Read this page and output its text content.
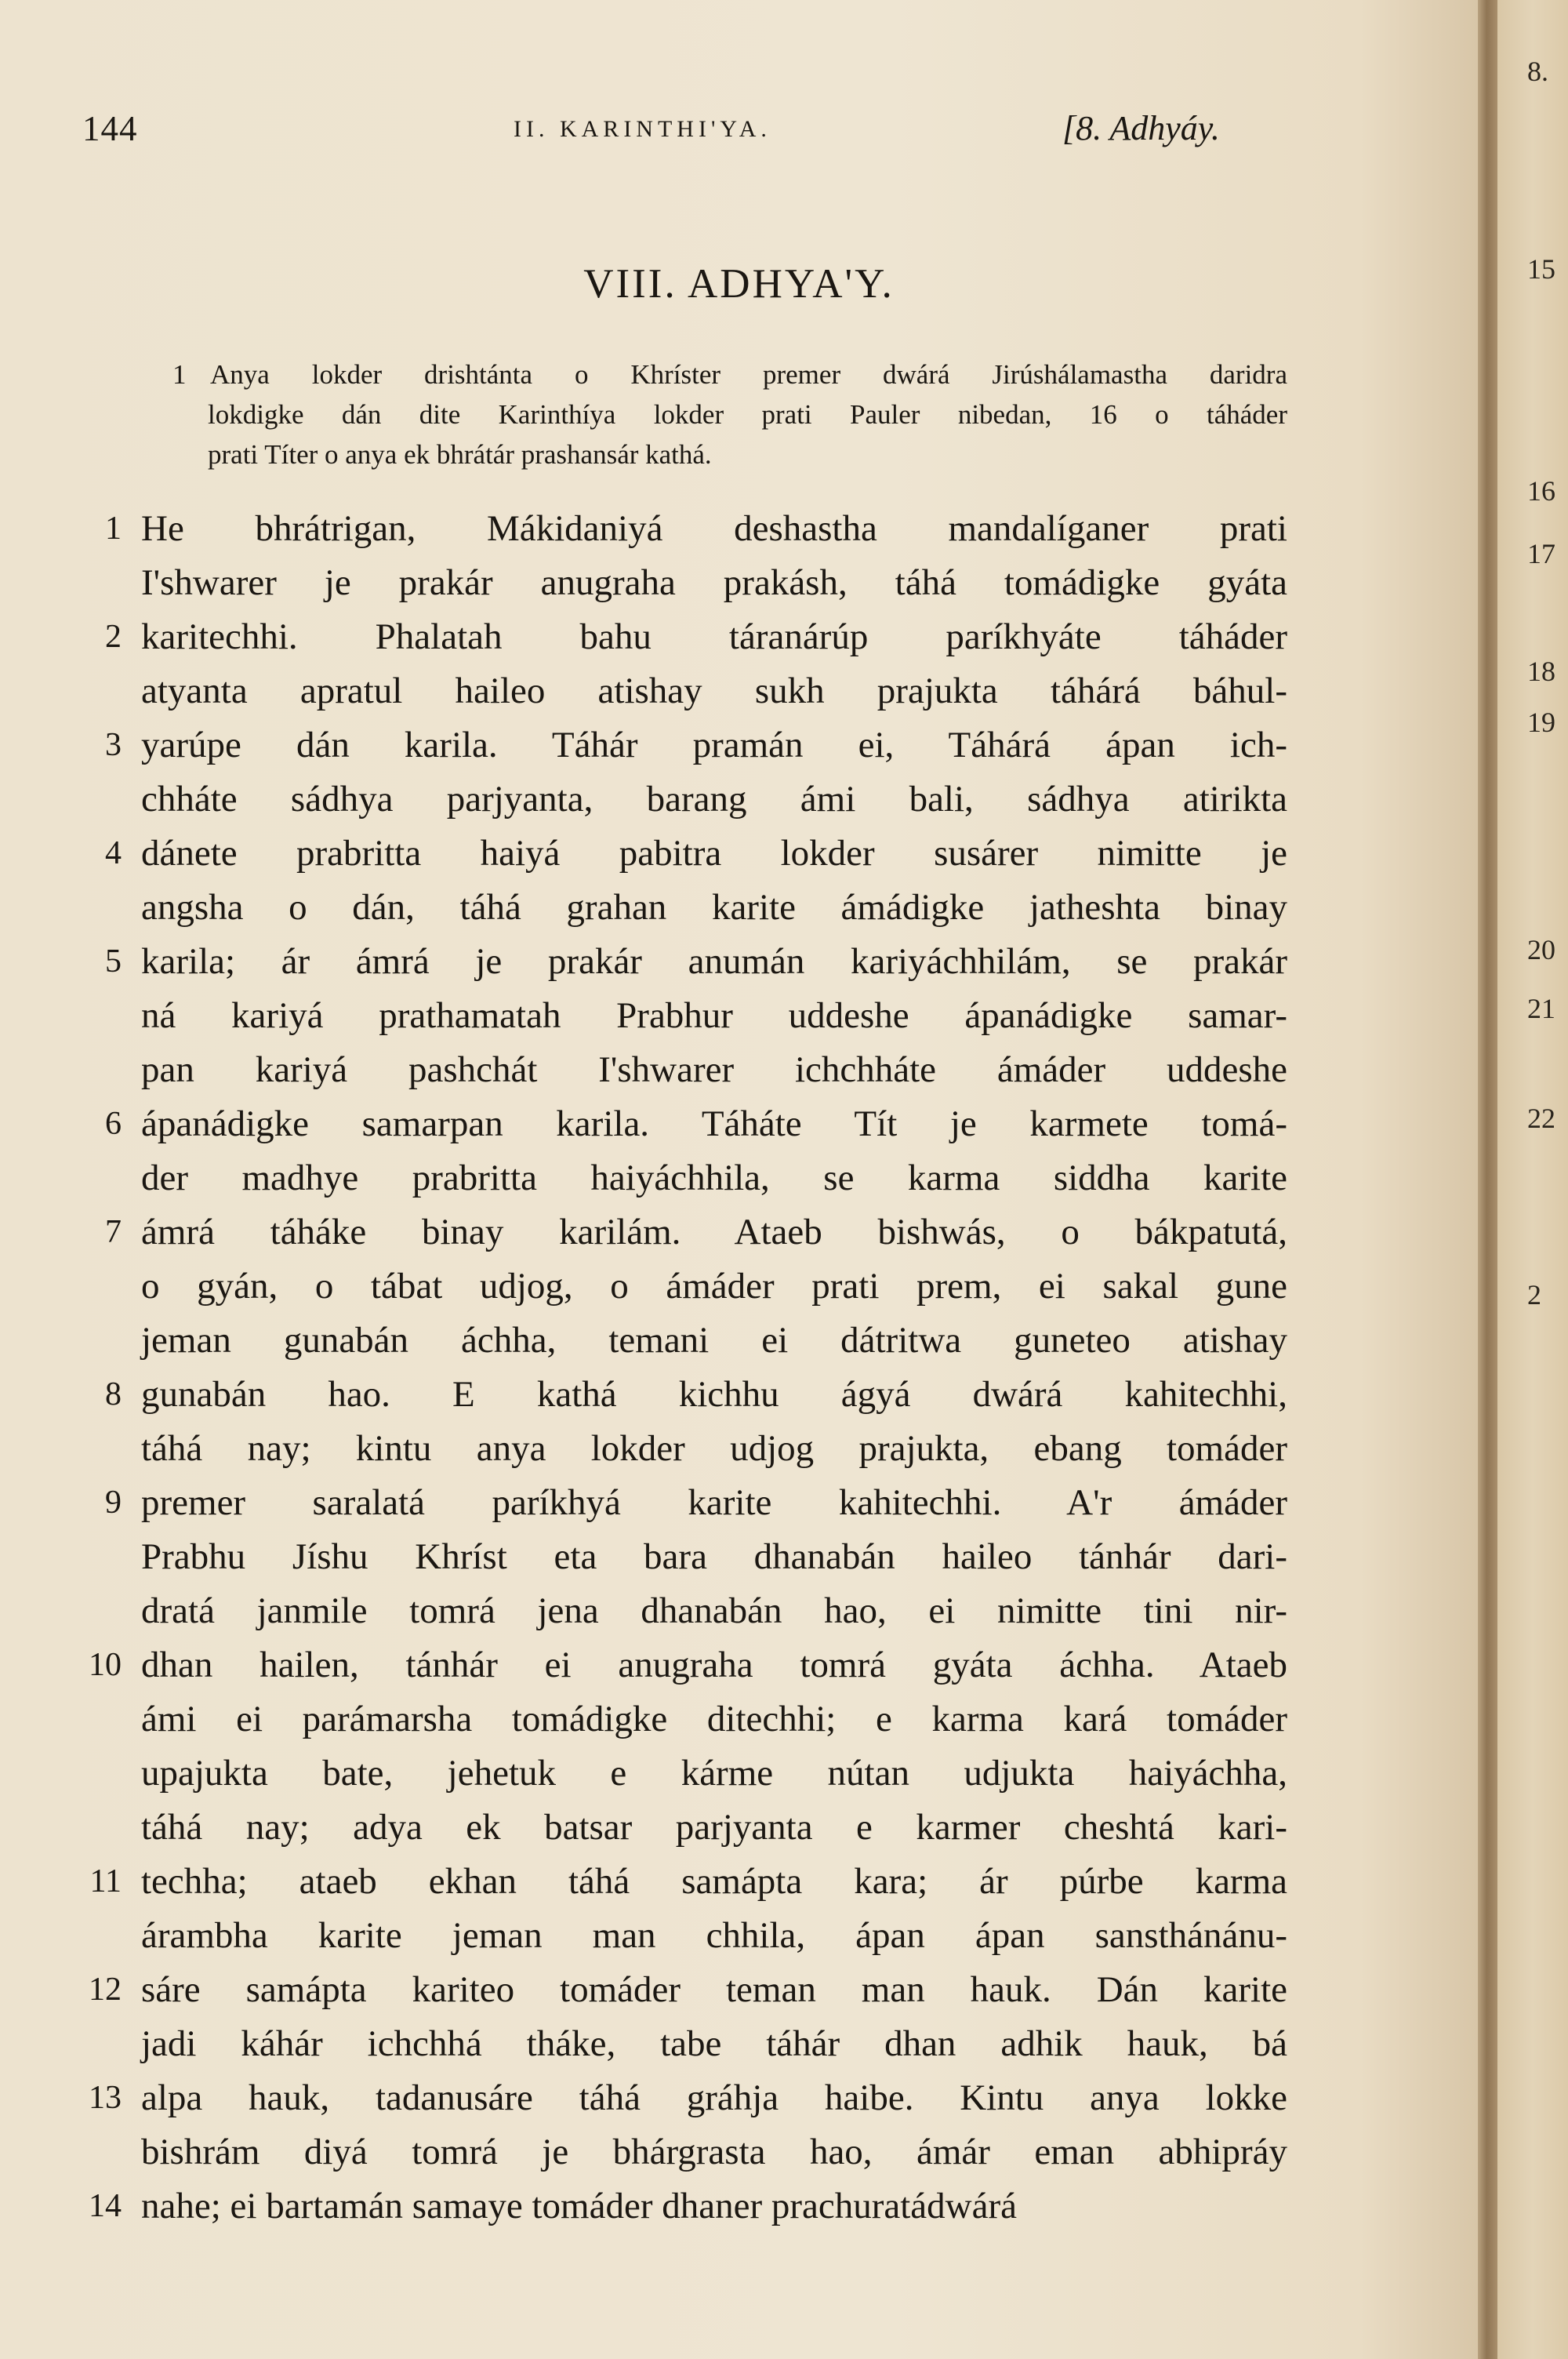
144	II. KARINTHI'YA.	[8. Adhyáy.
VIII. ADHYA'Y.
1 Anya lokder drishtánta o Khríster premer dwárá Jirúshálamastha daridra
lokdigke dán dite Karinthíya lokder prati Pauler nibedan, 16 o táháder
prati Títer o anya ek bhrátár prashansár kathá.
1 He bhrátrigan, Mákidaniyá deshastha mandalíganer prati
I'shwarer je prakár anugraha prakásh, táhá tomádigke gyáta
2 karitechhi. Phalatah bahu táranárúp paríkhyáte táháder
atyanta apratul haileo atishay sukh prajukta táhárá báhul-
3 yarúpe dán karila. Táhár pramán ei, Táhárá ápan ich-
chháte sádhya parjyanta, barang ámi bali, sádhya atirikta
4 dánete prabritta haiyá pabitra lokder susárer nimitte je
angsha o dán, táhá grahan karite ámádigke jatheshta binay
5 karila; ár ámrá je prakár anumán kariyáchhilám, se prakár
ná kariyá prathamatah Prabhur uddeshe ápanádigke samar-
pan kariyá pashchát I'shwarer ichchháte ámáder uddeshe
6 ápanádigke samarpan karila. Táháte Tít je karmete tomá-
der madhye prabritta haiyáchhila, se karma siddha karite
7 ámrá táháke binay karilám. Ataeb bishwás, o bákpatutá,
o gyán, o tábat udjog, o ámáder prati prem, ei sakal gune
jeman gunabán áchha, temani ei dátritwa guneteo atishay
8 gunabán hao. E kathá kichhu ágyá dwárá kahitechhi,
táhá nay; kintu anya lokder udjog prajukta, ebang tomáder
9 premer saralatá paríkhyá karite kahitechhi. A'r ámáder
Prabhu Jíshu Khríst eta bara dhanabán haileo tánhár dari-
dratá janmile tomrá jena dhanabán hao, ei nimitte tini nir-
10 dhan hailen, tánhár ei anugraha tomrá gyáta áchha. Ataeb
ámi ei parámarsha tomádigke ditechhi; e karma kará tomáder
upajukta bate, jehetuk e kárme nútan udjukta haiyáchha,
táhá nay; adya ek batsar parjyanta e karmer cheshtá kari-
11 techha; ataeb ekhan táhá samápta kara; ár púrbe karma
árambha karite jeman man chhila, ápan ápan sansthánánu-
12 sáre samápta kariteo tomáder teman man hauk. Dán karite
jadi káhár ichchhá tháke, tabe táhár dhan adhik hauk, bá
13 alpa hauk, tadanusáre táhá gráhja haibe. Kintu anya lokke
bishrám diyá tomrá je bhárgrasta hao, ámár eman abhipráy
14 nahe; ei bartamán samaye tomáder dhaner prachuratádwárá
8.
15
16
17
18
19
20
21
22
2
